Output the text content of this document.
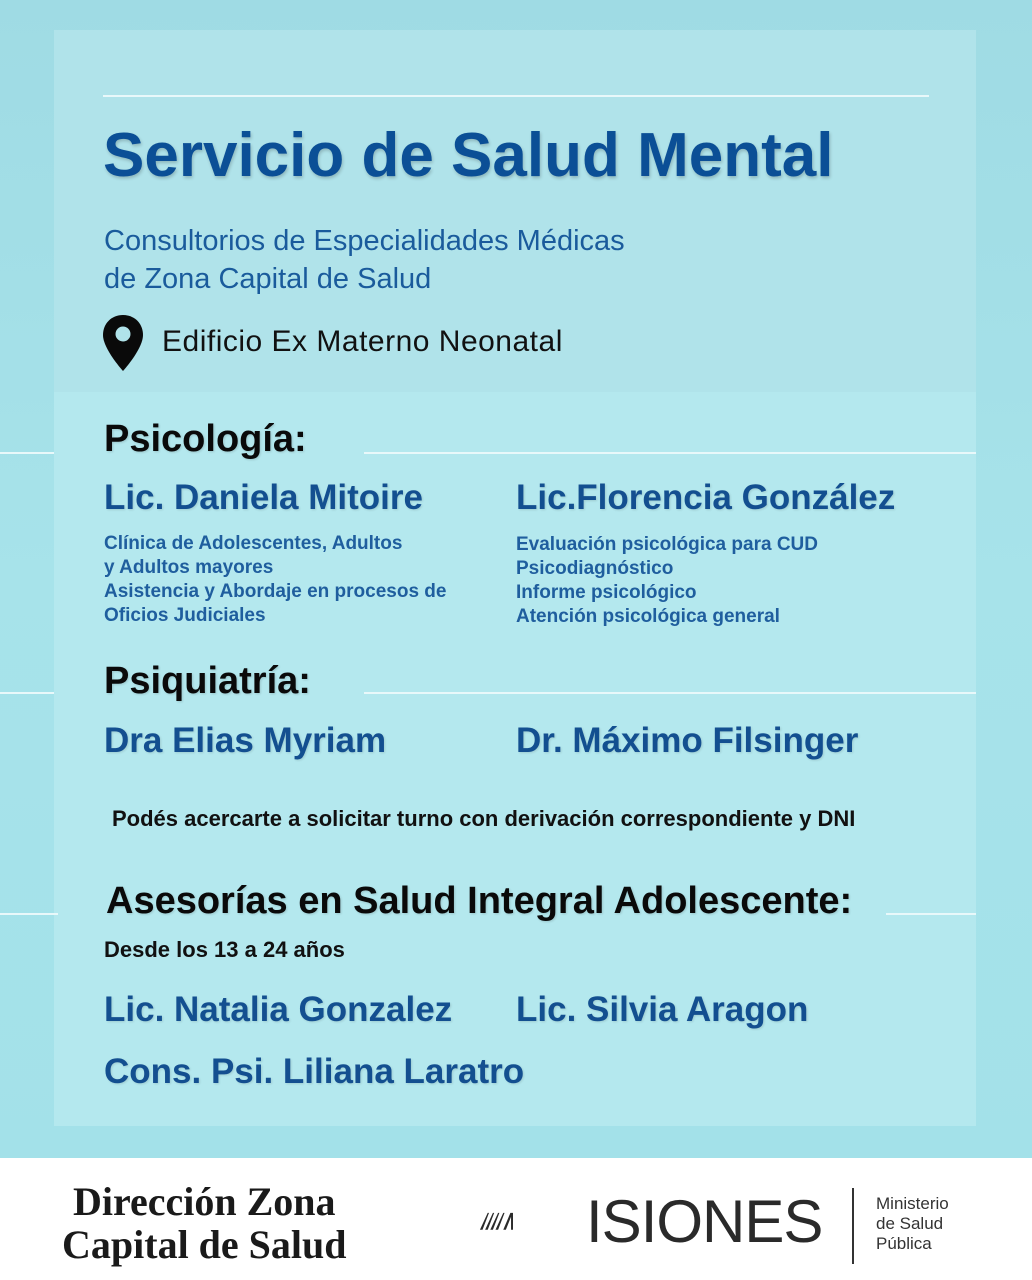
Servicio de Salud Mental
Consultorios de Especialidades Médicas
de Zona Capital de Salud
Edificio Ex Materno Neonatal
Psicología:
Lic. Daniela Mitoire
Clínica de Adolescentes, Adultos
y Adultos mayores
Asistencia y Abordaje en procesos de
Oficios Judiciales
Lic.Florencia González
Evaluación psicológica para CUD
Psicodiagnóstico
Informe psicológico
Atención psicológica general
Psiquiatría:
Dra Elias Myriam	Dr. Máximo Filsinger
Podés acercarte a solicitar turno con derivación correspondiente y DNI
Asesorías en Salud Integral Adolescente:
Desde los 13 a 24 años
Lic. Natalia Gonzalez Lic. Silvia Aragon
Cons. Psi. Liliana Laratro
Dirección Zona
Capital de Salud	ISIONES	Ministerio
de Salud
Pública
